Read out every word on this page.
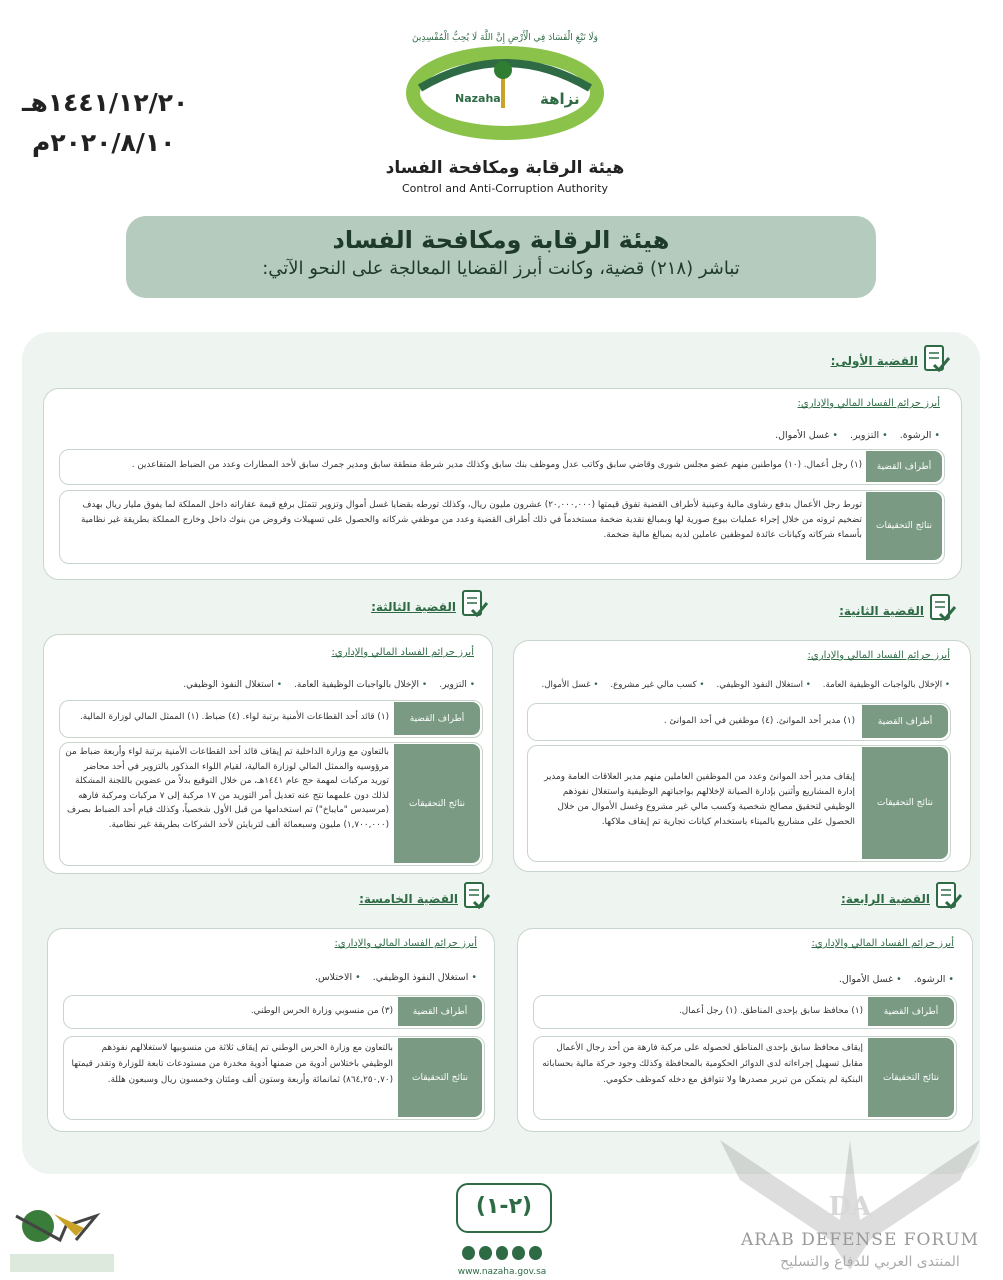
١٤٤١/١٢/٢٠هـ
٢٠٢٠/٨/١٠م
وَلَا تَبْغِ الْفَسَادَ فِي الْأَرْضِ إِنَّ اللَّهَ لَا يُحِبُّ الْمُفْسِدِينَ
Nazaha	نزاهة
هيئة الرقابة ومكافحة الفساد
Control and Anti-Corruption Authority
هيئة الرقابة ومكافحة الفساد
تباشر (٢١٨) قضية، وكانت أبرز القضايا المعالجة على النحو الآتي:
القضية الأولى:
أبرز جرائم الفساد المالي والإداري:
• الرشوة.• التزوير.• غسل الأموال.
أطراف القضية
(١) رجل أعمال. (١٠) مواطنين منهم عضو مجلس شورى وقاضي سابق وكاتب عدل وموظف بنك سابق وكذلك مدير شرطة منطقة سابق ومدير جمرك سابق لأحد المطارات وعدد من الضباط المتقاعدين .
نتائج التحقيقات
تورط رجل الأعمال بدفع رشاوى مالية وعينية لأطراف القضية تفوق قيمتها (٢٠,٠٠٠,٠٠٠) عشرون مليون ريال، وكذلك تورطه بقضايا غسل أموال وتزوير تتمثل برفع قيمة عقاراته داخل المملكة لما يفوق مليار ريال بهدف تضخيم ثروته من خلال إجراء عمليات بيوع صورية لها وبمبالغ نقدية ضخمة مستخدماً في ذلك أطراف القضية وعدد من موظفي شركاته والحصول على تسهيلات وقروض من بنوك داخل وخارج المملكة بطريقة غير نظامية بأسماء شركاته وكيانات عائدة لموظفين عاملين لديه بمبالغ مالية ضخمة.
القضية الثالثة:
أبرز جرائم الفساد المالي والإداري:
• التزوير.• الإخلال بالواجبات الوظيفية العامة.• استغلال النفوذ الوظيفي.
أطراف القضية
(١) قائد أحد القطاعات الأمنية برتبة لواء. (٤) ضباط. (١) الممثل المالي لوزارة المالية.
نتائج التحقيقات
بالتعاون مع وزارة الداخلية تم إيقاف قائد أحد القطاعات الأمنية برتبة لواء وأربعة ضباط من مرؤوسيه والممثل المالي لوزارة المالية، لقيام اللواء المذكور بالتزوير في أحد محاضر توريد مركبات لمهمة حج عام ١٤٤١هـ، من خلال التوقيع بدلاً من عضوين باللجنة المشكلة لذلك دون علمهما نتج عنه تعديل أمر التوريد من ١٧ مركبة إلى ٧ مركبات ومركبة فارهه (مرسيدس "مايباخ") تم استخدامها من قبل الأول شخصياً، وكذلك قيام أحد الضباط بصرف (١,٧٠٠,٠٠٠) مليون وسبعمائة ألف لتربايثن لأحد الشركات بطريقة غير نظامية.
القضية الثانية:
أبرز جرائم الفساد المالي والإداري:
• الإخلال بالواجبات الوظيفية العامة.• استغلال النفوذ الوظيفي.• كسب مالي غير مشروع.• غسل الأموال.
أطراف القضية
(١) مدير أحد الموانئ. (٤) موظفين في أحد الموانئ .
نتائج التحقيقات
إيقاف مدير أحد الموانئ وعدد من الموظفين العاملين منهم مدير العلاقات العامة ومدير إدارة المشاريع وأثنين بإدارة الصيانة لإخلالهم بواجباتهم الوظيفية واستغلال نفوذهم الوظيفي لتحقيق مصالح شخصية وكسب مالي غير مشروع وغسل الأموال من خلال الحصول على مشاريع بالميناء باستخدام كيانات تجارية تم إيقاف ملاكها.
القضية الخامسة:
أبرز جرائم الفساد المالي والإداري:
• استغلال النفوذ الوظيفي.• الاختلاس.
أطراف القضية
(٣) من منسوبي وزارة الحرس الوطني.
نتائج التحقيقات
بالتعاون مع وزارة الحرس الوطني تم إيقاف ثلاثة من منسوبيها لاستغلالهم نفوذهم الوظيفي باختلاس أدوية من ضمنها أدوية مخدرة من مستودعات تابعة للوزارة وتقدر قيمتها (٨٦٤,٢٥٠,٧٠) ثمانمائة وأربعة وستون ألف ومئتان وخمسون ريال وسبعون هللة.
القضية الرابعة:
أبرز جرائم الفساد المالي والإداري:
• الرشوة.• غسل الأموال.
أطراف القضية
(١) محافظ سابق بإحدى المناطق. (١) رجل أعمال.
نتائج التحقيقات
إيقاف محافظ سابق بإحدى المناطق لحصوله على مركبة فارهة من أحد رجال الأعمال مقابل تسهيل إجراءاته لدى الدوائر الحكومية بالمحافظة وكذلك وجود حركة مالية بحساباته البنكية لم يتمكن من تبرير مصدرها ولا تتوافق مع دخله كموظف حكومي.
(٢-١)
www.nazaha.gov.sa
DA
ARAB DEFENSE FORUM
المنتدى العربي للدفاع والتسليح
